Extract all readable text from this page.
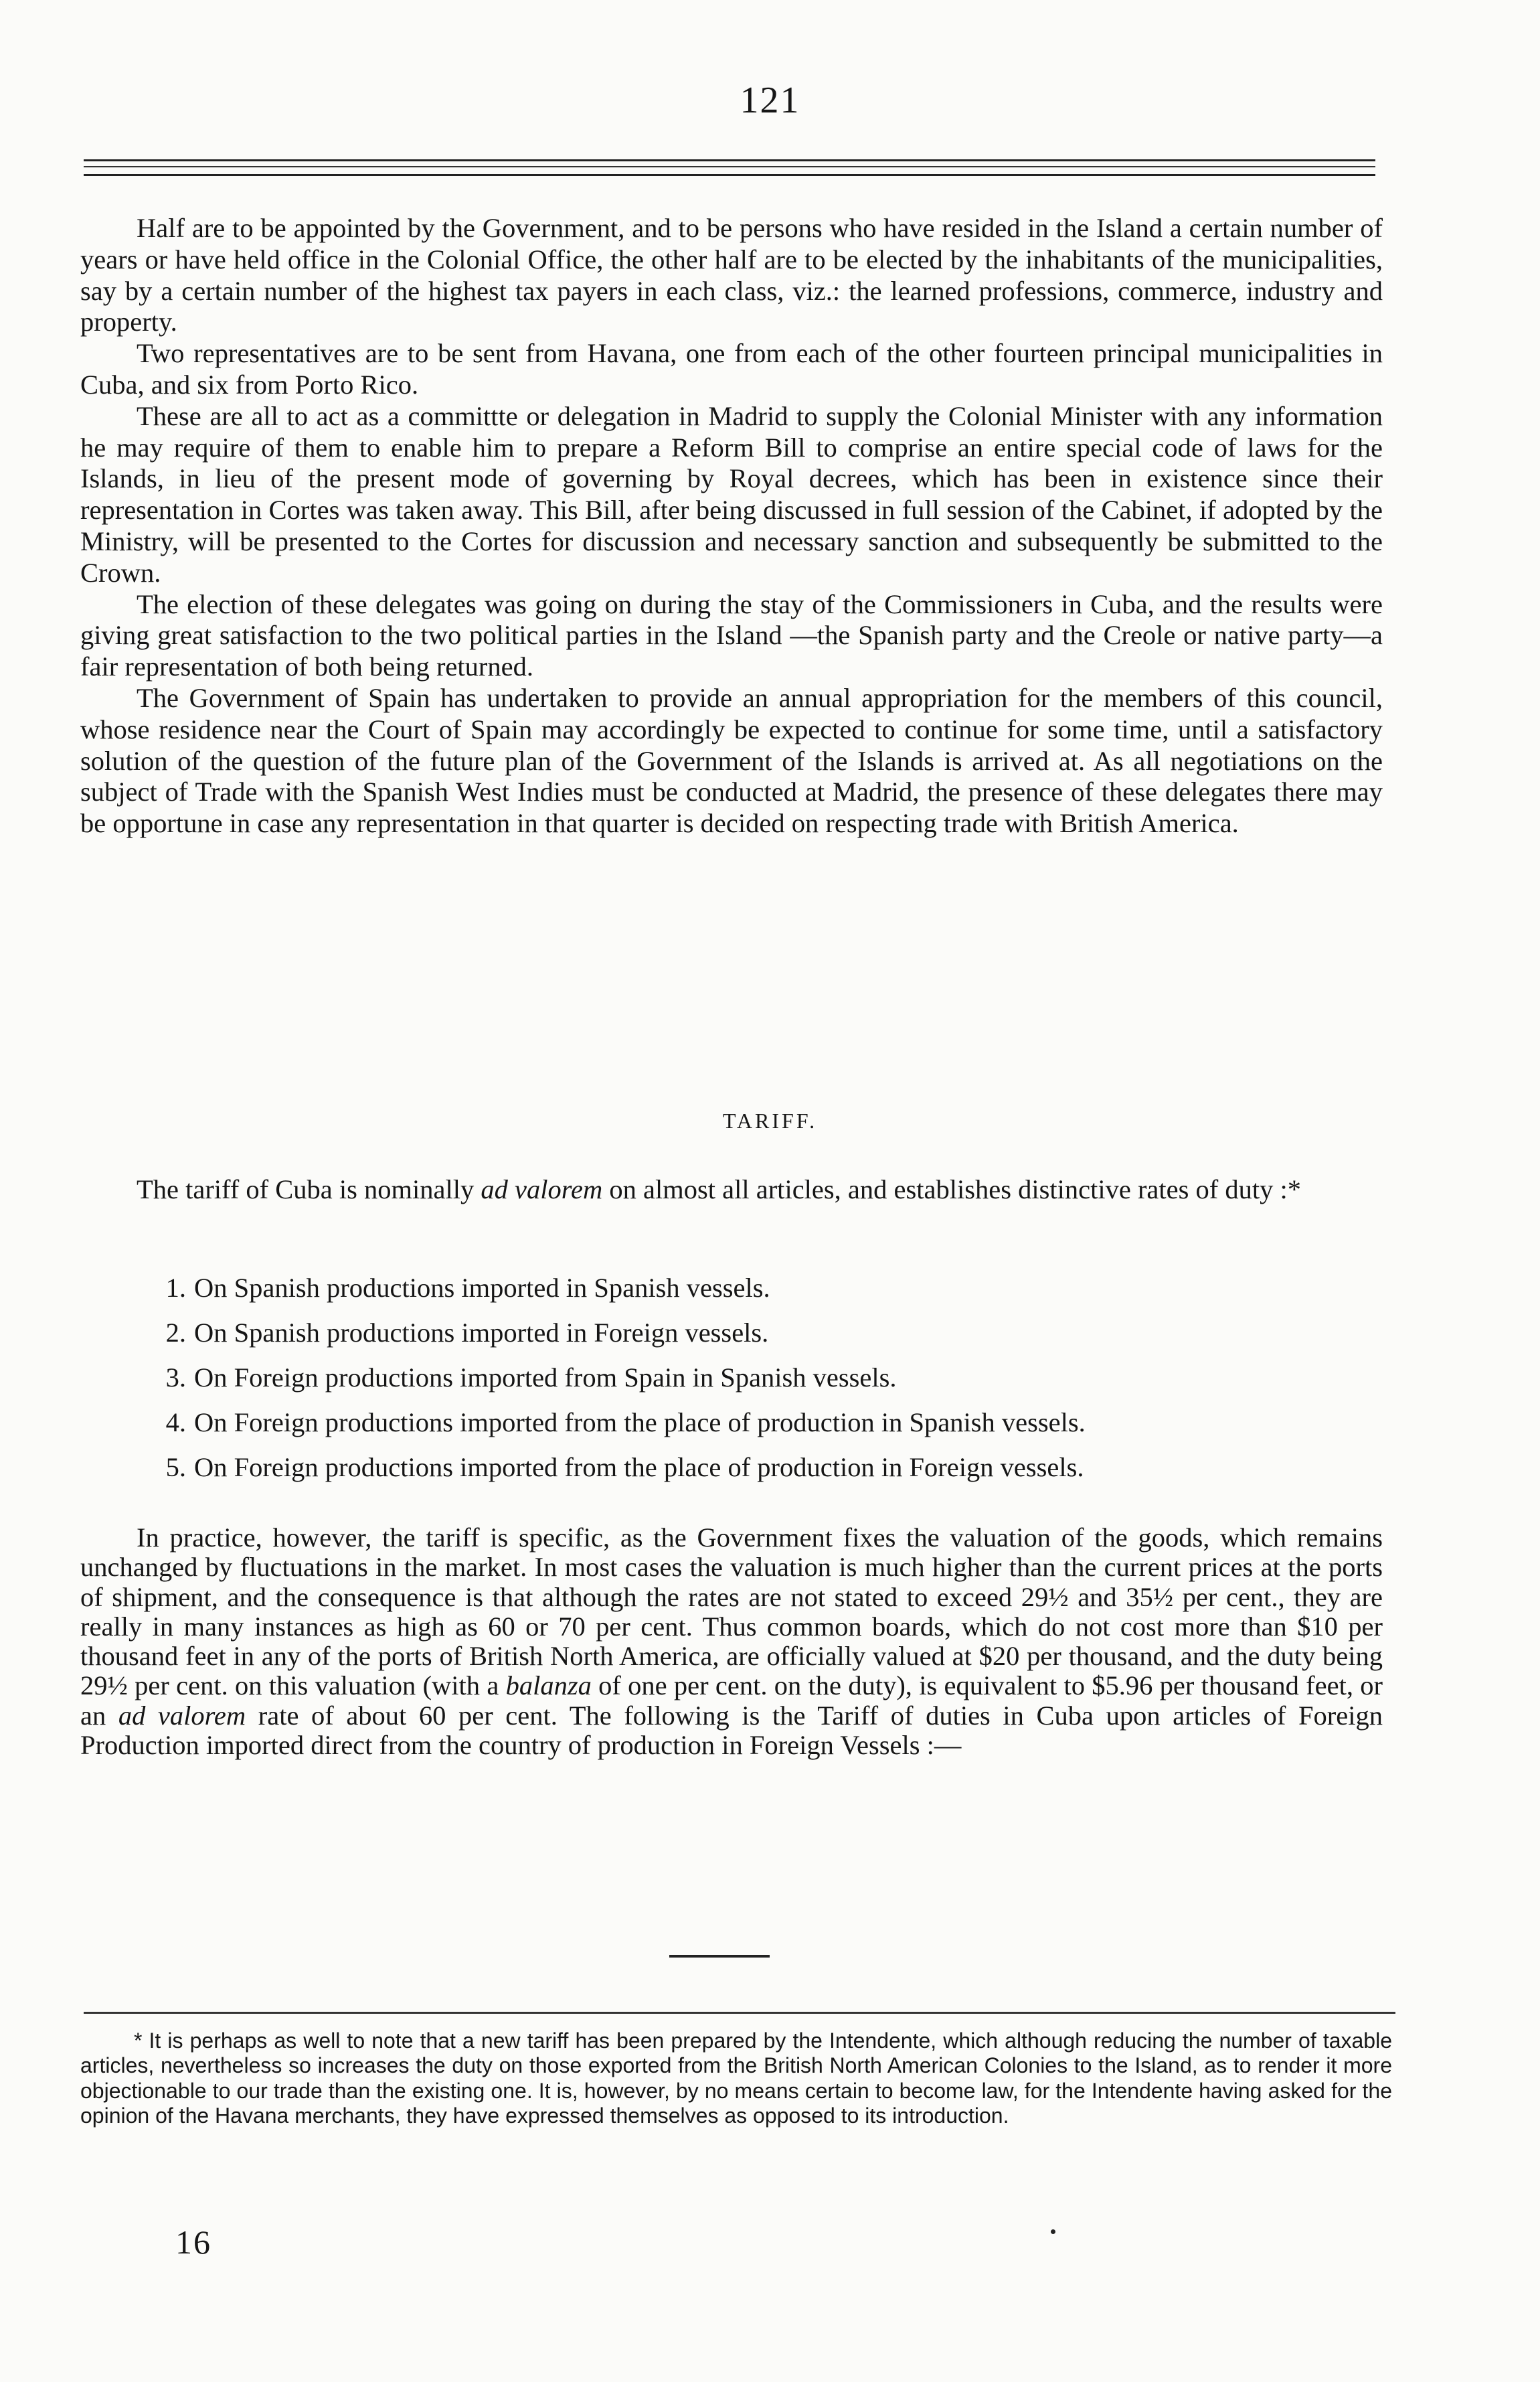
121

Half are to be appointed by the Government, and to be persons who have resided in the Island a certain number of years or have held office in the Colonial Office, the other half are to be elected by the inhabitants of the municipalities, say by a certain number of the highest tax payers in each class, viz.: the learned professions, commerce, industry and property.

Two representatives are to be sent from Havana, one from each of the other fourteen principal municipalities in Cuba, and six from Porto Rico.

These are all to act as a committte or delegation in Madrid to supply the Colonial Minister with any information he may require of them to enable him to prepare a Reform Bill to comprise an entire special code of laws for the Islands, in lieu of the present mode of governing by Royal decrees, which has been in existence since their representation in Cortes was taken away. This Bill, after being discussed in full session of the Cabinet, if adopted by the Ministry, will be presented to the Cortes for discussion and necessary sanction and subsequently be submitted to the Crown.

The election of these delegates was going on during the stay of the Commissioners in Cuba, and the results were giving great satisfaction to the two political parties in the Island —the Spanish party and the Creole or native party—a fair representation of both being returned.

The Government of Spain has undertaken to provide an annual appropriation for the members of this council, whose residence near the Court of Spain may accordingly be expected to continue for some time, until a satisfactory solution of the question of the future plan of the Government of the Islands is arrived at. As all negotiations on the subject of Trade with the Spanish West Indies must be conducted at Madrid, the presence of these delegates there may be opportune in case any representation in that quarter is decided on respecting trade with British America.

TARIFF.

The tariff of Cuba is nominally ad valorem on almost all articles, and establishes distinctive rates of duty :*

1. On Spanish productions imported in Spanish vessels.
2. On Spanish productions imported in Foreign vessels.
3. On Foreign productions imported from Spain in Spanish vessels.
4. On Foreign productions imported from the place of production in Spanish vessels.
5. On Foreign productions imported from the place of production in Foreign vessels.

In practice, however, the tariff is specific, as the Government fixes the valuation of the goods, which remains unchanged by fluctuations in the market. In most cases the valuation is much higher than the current prices at the ports of shipment, and the consequence is that although the rates are not stated to exceed 29½ and 35½ per cent., they are really in many instances as high as 60 or 70 per cent. Thus common boards, which do not cost more than $10 per thousand feet in any of the ports of British North America, are officially valued at $20 per thousand, and the duty being 29½ per cent. on this valuation (with a balanza of one per cent. on the duty), is equivalent to $5.96 per thousand feet, or an ad valorem rate of about 60 per cent. The following is the Tariff of duties in Cuba upon articles of Foreign Production imported direct from the country of production in Foreign Vessels :—

* It is perhaps as well to note that a new tariff has been prepared by the Intendente, which although reducing the number of taxable articles, nevertheless so increases the duty on those exported from the British North American Colonies to the Island, as to render it more objectionable to our trade than the existing one. It is, however, by no means certain to become law, for the Intendente having asked for the opinion of the Havana merchants, they have expressed themselves as opposed to its introduction.

16
